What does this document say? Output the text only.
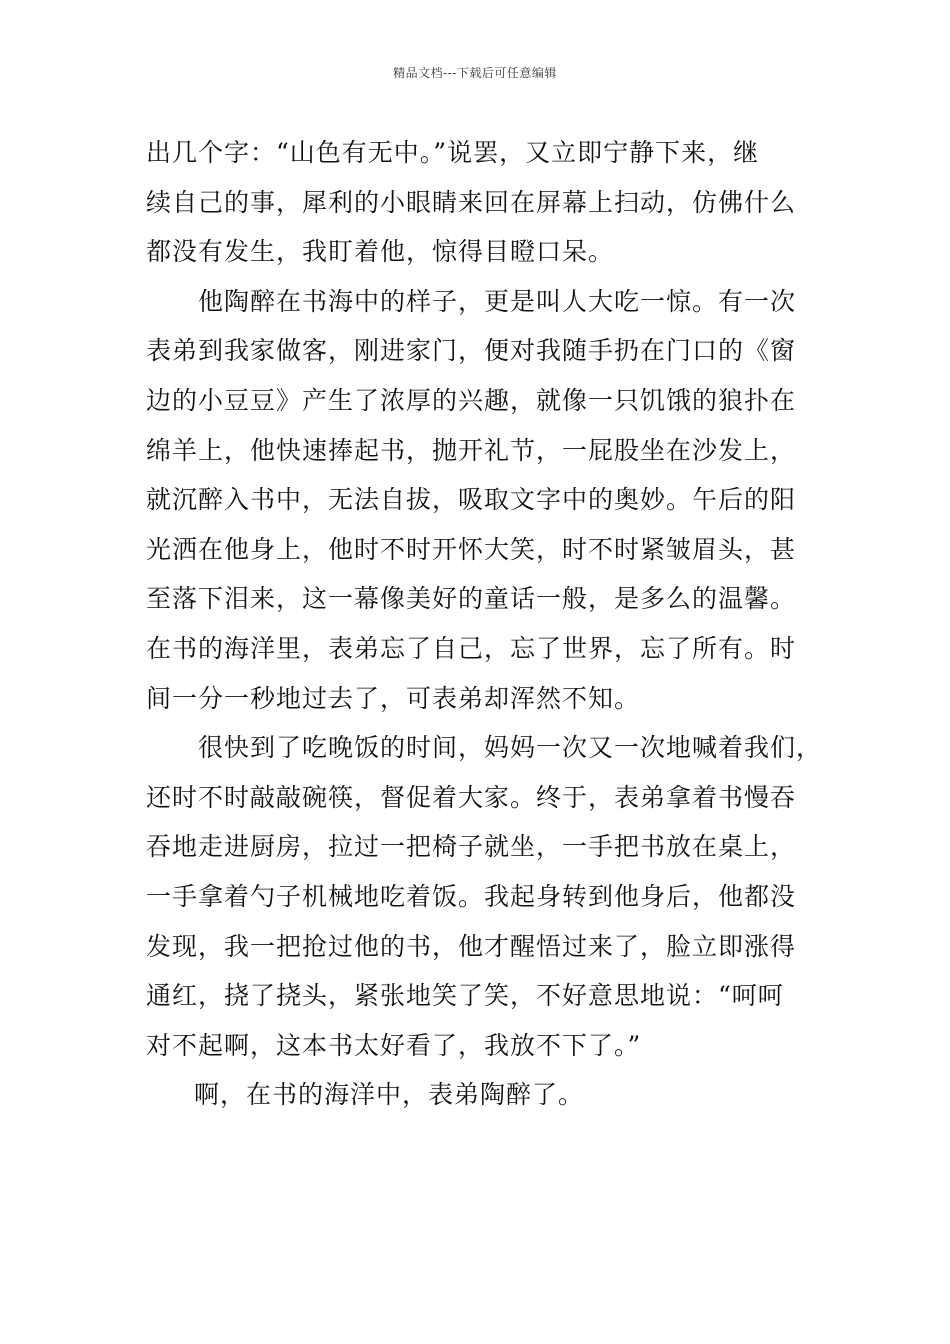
精品文档---下载后可任意编辑
出几个字：“山色有无中。”说罢，又立即宁静下来，继
续自己的事，犀利的小眼睛来回在屏幕上扫动，仿佛什么
都没有发生，我盯着他，惊得目瞪口呆。
他陶醉在书海中的样子，更是叫人大吃一惊。有一次
表弟到我家做客，刚进家门，便对我随手扔在门口的《窗
边的小豆豆》产生了浓厚的兴趣，就像一只饥饿的狼扑在
绵羊上，他快速捧起书，抛开礼节，一屁股坐在沙发上，
就沉醉入书中，无法自拔，吸取文字中的奥妙。午后的阳
光洒在他身上，他时不时开怀大笑，时不时紧皱眉头，甚
至落下泪来，这一幕像美好的童话一般，是多么的温馨。
在书的海洋里，表弟忘了自己，忘了世界，忘了所有。时
间一分一秒地过去了，可表弟却浑然不知。
很快到了吃晚饭的时间，妈妈一次又一次地喊着我们，
还时不时敲敲碗筷，督促着大家。终于，表弟拿着书慢吞
吞地走进厨房，拉过一把椅子就坐，一手把书放在桌上，
一手拿着勺子机械地吃着饭。我起身转到他身后，他都没
发现，我一把抢过他的书，他才醒悟过来了，脸立即涨得
通红，挠了挠头，紧张地笑了笑，不好意思地说：“呵呵
对不起啊，这本书太好看了，我放不下了。”
啊，在书的海洋中，表弟陶醉了。
